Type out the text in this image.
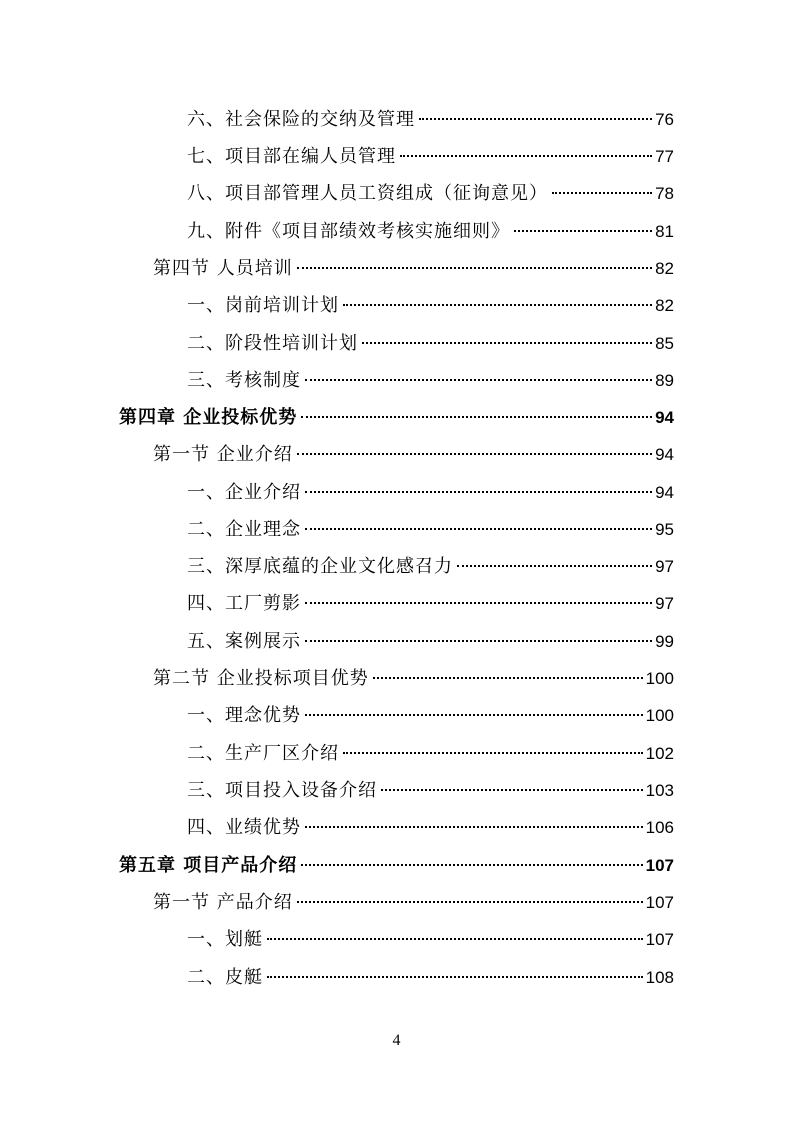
六、社会保险的交纳及管理	76
七、项目部在编人员管理	77
八、项目部管理人员工资组成（征询意见）	78
九、附件《项目部绩效考核实施细则》	81
第四节 人员培训	82
一、岗前培训计划	82
二、阶段性培训计划	85
三、考核制度	89
第四章 企业投标优势	94
第一节 企业介绍	94
一、企业介绍	94
二、企业理念	95
三、深厚底蕴的企业文化感召力	97
四、工厂剪影	97
五、案例展示	99
第二节 企业投标项目优势	100
一、理念优势	100
二、生产厂区介绍	102
三、项目投入设备介绍	103
四、业绩优势	106
第五章 项目产品介绍	107
第一节 产品介绍	107
一、划艇	107
二、皮艇	108
4
